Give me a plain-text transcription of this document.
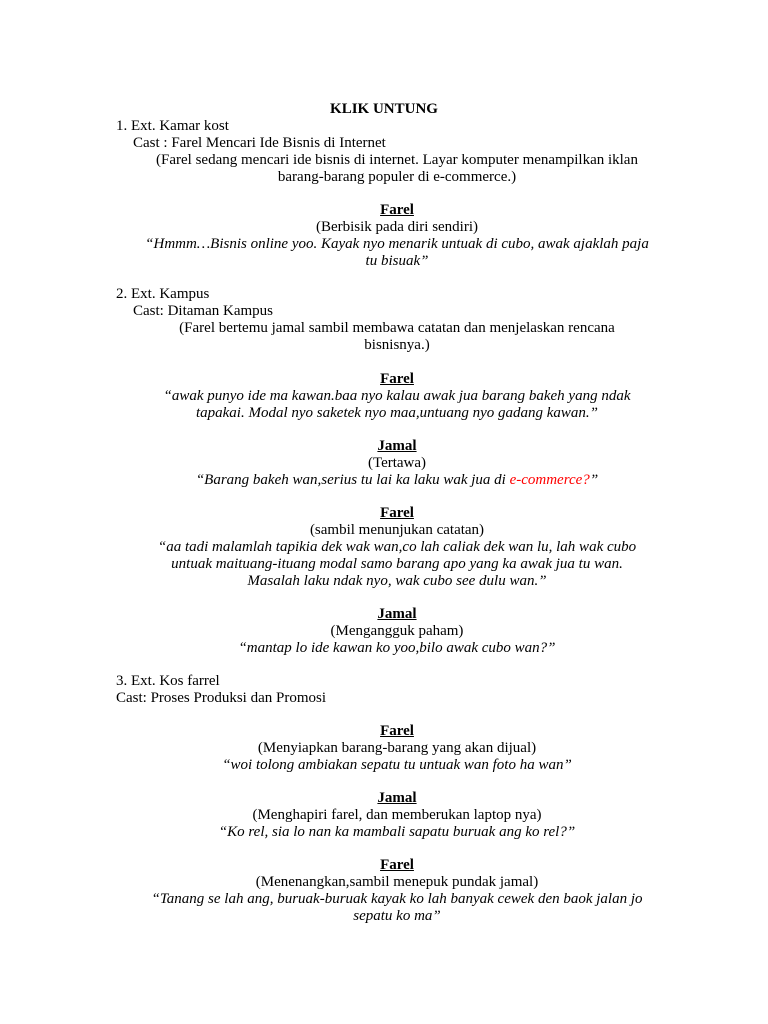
KLIK UNTUNG
1. Ext. Kamar kost
Cast : Farel Mencari Ide Bisnis di Internet
(Farel sedang mencari ide bisnis di internet. Layar komputer menampilkan iklan
barang-barang populer di e-commerce.)
Farel
(Berbisik pada diri sendiri)
“Hmmm…Bisnis online yoo. Kayak nyo menarik untuak di cubo, awak ajaklah paja
tu bisuak”
2. Ext. Kampus
Cast: Ditaman Kampus
(Farel bertemu jamal sambil membawa catatan dan menjelaskan rencana
bisnisnya.)
Farel
“awak punyo ide ma kawan.baa nyo kalau awak jua barang bakeh yang ndak
tapakai. Modal nyo saketek nyo maa,untuang nyo gadang kawan.”
Jamal
(Tertawa)
“Barang bakeh wan,serius tu lai ka laku wak jua di e-commerce?”
Farel
(sambil menunjukan catatan)
“aa tadi malamlah tapikia dek wak wan,co lah caliak dek wan lu, lah wak cubo
untuak maituang-ituang modal samo barang apo yang ka awak jua tu wan.
Masalah laku ndak nyo, wak cubo see dulu wan.”
Jamal
(Mengangguk paham)
“mantap lo ide kawan ko yoo,bilo awak cubo wan?”
3. Ext. Kos farrel
Cast: Proses Produksi dan Promosi
Farel
(Menyiapkan barang-barang yang akan dijual)
“woi tolong ambiakan sepatu tu untuak wan foto ha wan”
Jamal
(Menghapiri farel, dan memberukan laptop nya)
“Ko rel, sia lo nan ka mambali sapatu buruak ang ko rel?”
Farel
(Menenangkan,sambil menepuk pundak jamal)
“Tanang se lah ang, buruak-buruak kayak ko lah banyak cewek den baok jalan jo
sepatu ko ma”
